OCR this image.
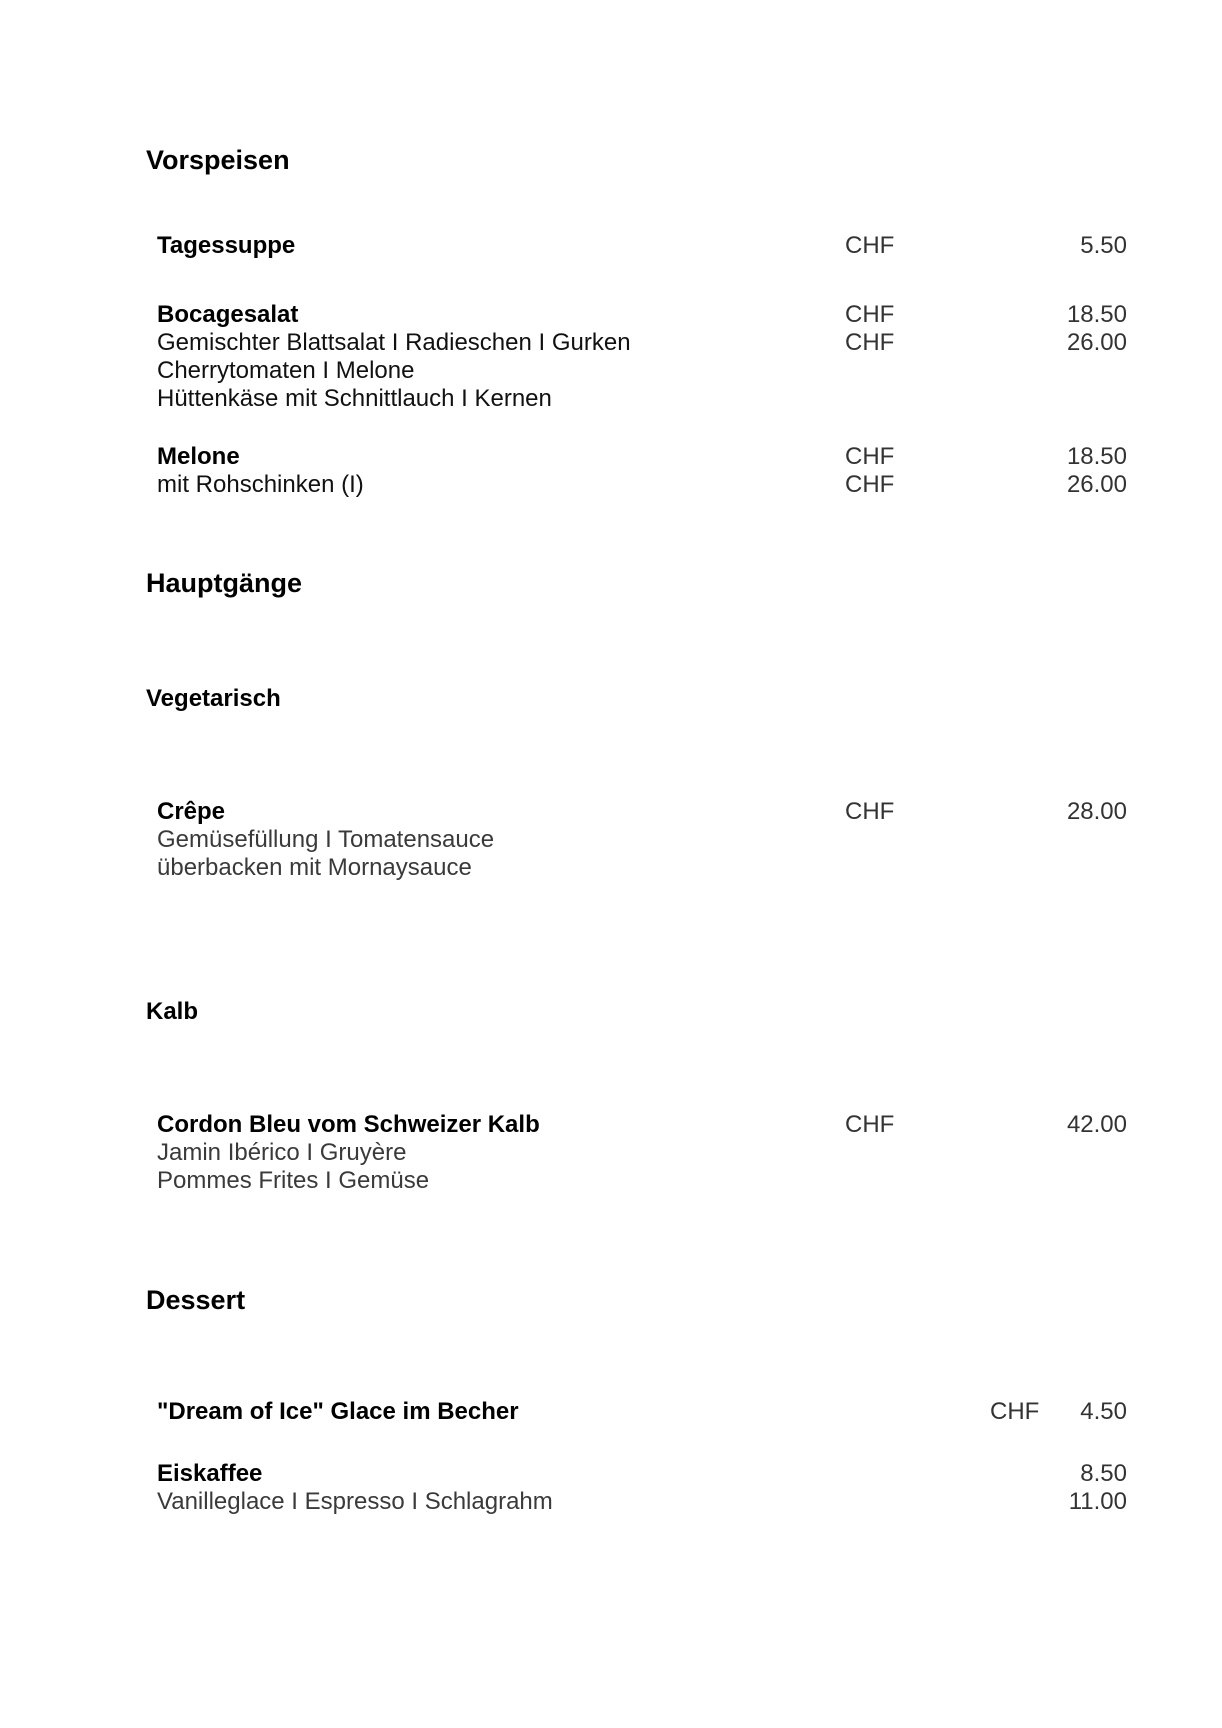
Vorspeisen
Tagessuppe	CHF	5.50
Bocagesalat	CHF	18.50
Gemischter Blattsalat I Radieschen I Gurken	CHF	26.00
Cherrytomaten I Melone
Hüttenkäse mit Schnittlauch I Kernen
Melone	CHF	18.50
mit Rohschinken (I)	CHF	26.00
Hauptgänge
Vegetarisch
Crêpe	CHF	28.00
Gemüsefüllung I Tomatensauce
überbacken mit Mornaysauce
Kalb
Cordon Bleu vom Schweizer Kalb	CHF	42.00
Jamin Ibérico I Gruyère
Pommes Frites I Gemüse
Dessert
"Dream of Ice" Glace im Becher	CHF	4.50
Eiskaffee	8.50
Vanilleglace I Espresso I Schlagrahm	11.00
